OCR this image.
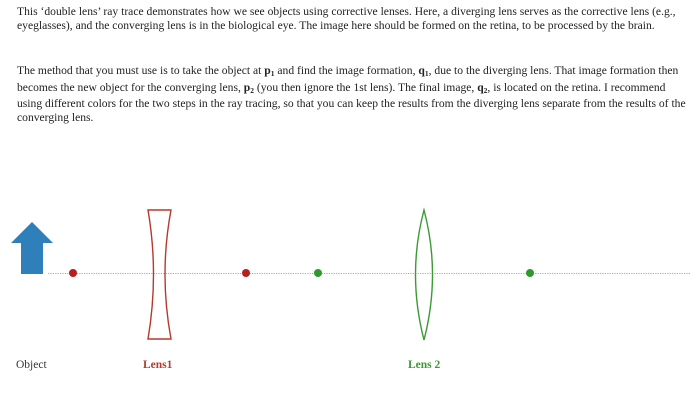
This ‘double lens’ ray trace demonstrates how we see objects using corrective lenses. Here, a diverging lens serves as the corrective lens (e.g., eyeglasses), and the converging lens is in the biological eye. The image here should be formed on the retina, to be processed by the brain.

The method that you must use is to take the object at $p_1$ and find the image formation, $q_1$, due to the diverging lens. That image formation then becomes the new object for the converging lens, $p_2$ (you then ignore the 1st lens). The final image, $q_2$, is located on the retina. I recommend using different colors for the two steps in the ray tracing, so that you can keep the results from the diverging lens separate from the results of the converging lens.

Object	Lens1	Lens 2
